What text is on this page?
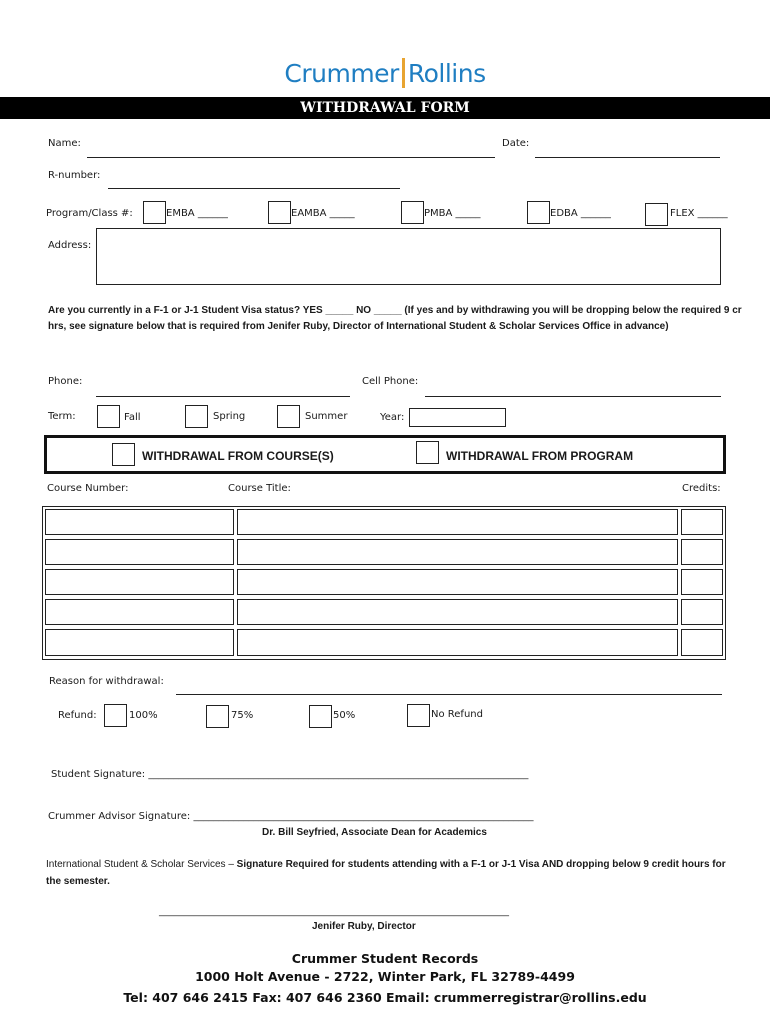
Crummer Rollins
WITHDRAWAL FORM
Name:	Date:
R-number:
Program/Class #:	EMBA ______	EAMBA _____	PMBA _____	EDBA ______	FLEX ______
Address:
Are you currently in a F-1 or J-1 Student Visa status? YES _____ NO _____ (If yes and by withdrawing you will be dropping below the required 9 cr hrs, see signature below that is required from Jenifer Ruby, Director of International Student & Scholar Services Office in advance)
Phone:	Cell Phone:
Term:	Fall	Spring	Summer	Year:
WITHDRAWAL FROM COURSE(S)	WITHDRAWAL FROM PROGRAM
Course Number:	Course Title:	Credits:
Reason for withdrawal:
Refund:	100%	75%	50%	No Refund
Student Signature: ____________________________________________________________________________
Crummer Advisor Signature: ____________________________________________________________________
Dr. Bill Seyfried, Associate Dean for Academics
International Student & Scholar Services – Signature Required for students attending with a F-1 or J-1 Visa AND dropping below 9 credit hours for the semester.
______________________________________________________________________
Jenifer Ruby, Director
Crummer Student Records
1000 Holt Avenue - 2722, Winter Park, FL 32789-4499
Tel: 407 646 2415 Fax: 407 646 2360 Email: crummerregistrar@rollins.edu
